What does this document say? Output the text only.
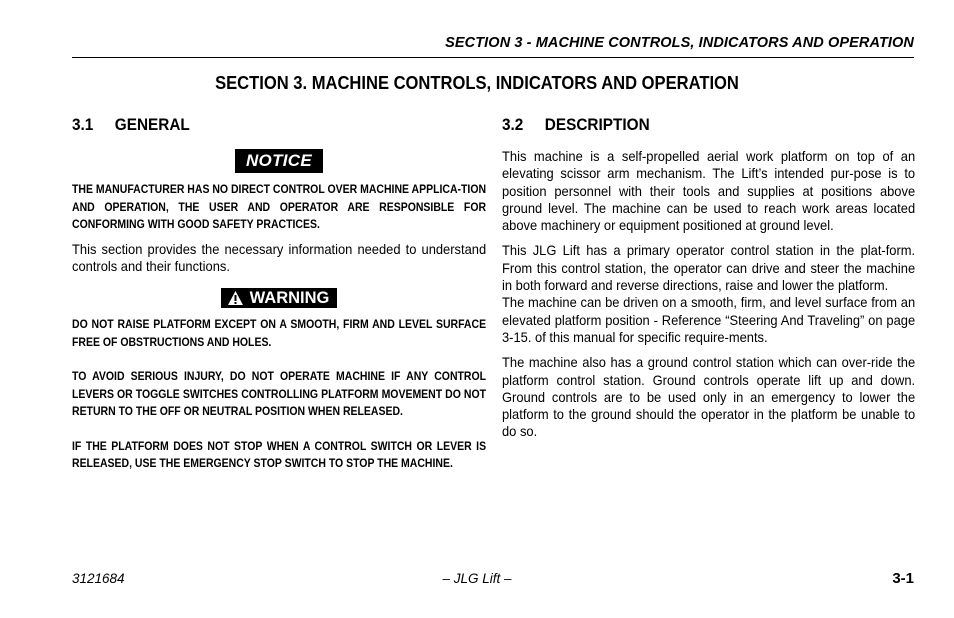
SECTION 3 - MACHINE CONTROLS, INDICATORS AND OPERATION
SECTION 3. MACHINE CONTROLS, INDICATORS AND OPERATION
3.1	GENERAL
NOTICE

THE MANUFACTURER HAS NO DIRECT CONTROL OVER MACHINE APPLICA-TION AND OPERATION, THE USER AND OPERATOR ARE RESPONSIBLE FOR CONFORMING WITH GOOD SAFETY PRACTICES.

This section provides the necessary information needed to understand controls and their functions.

WARNING

DO NOT RAISE PLATFORM EXCEPT ON A SMOOTH, FIRM AND LEVEL SURFACE FREE OF OBSTRUCTIONS AND HOLES.

TO AVOID SERIOUS INJURY, DO NOT OPERATE MACHINE IF ANY CONTROL LEVERS OR TOGGLE SWITCHES CONTROLLING PLATFORM MOVEMENT DO NOT RETURN TO THE OFF OR NEUTRAL POSITION WHEN RELEASED.

IF THE PLATFORM DOES NOT STOP WHEN A CONTROL SWITCH OR LEVER IS RELEASED, USE THE EMERGENCY STOP SWITCH TO STOP THE MACHINE.

3.2	DESCRIPTION

This machine is a self-propelled aerial work platform on top of an elevating scissor arm mechanism. The Lift’s intended pur-pose is to position personnel with their tools and supplies at positions above ground level. The machine can be used to reach work areas located above machinery or equipment positioned at ground level.

This JLG Lift has a primary operator control station in the plat-form. From this control station, the operator can drive and steer the machine in both forward and reverse directions, raise and lower the platform.

The machine can be driven on a smooth, firm, and level surface from an elevated platform position - Reference “Steering And Traveling” on page 3-15. of this manual for specific require-ments.

The machine also has a ground control station which can over-ride the platform control station. Ground controls operate lift up and down. Ground controls are to be used only in an emergency to lower the platform to the ground should the operator in the platform be unable to do so.

3121684	– JLG Lift –	3-1
